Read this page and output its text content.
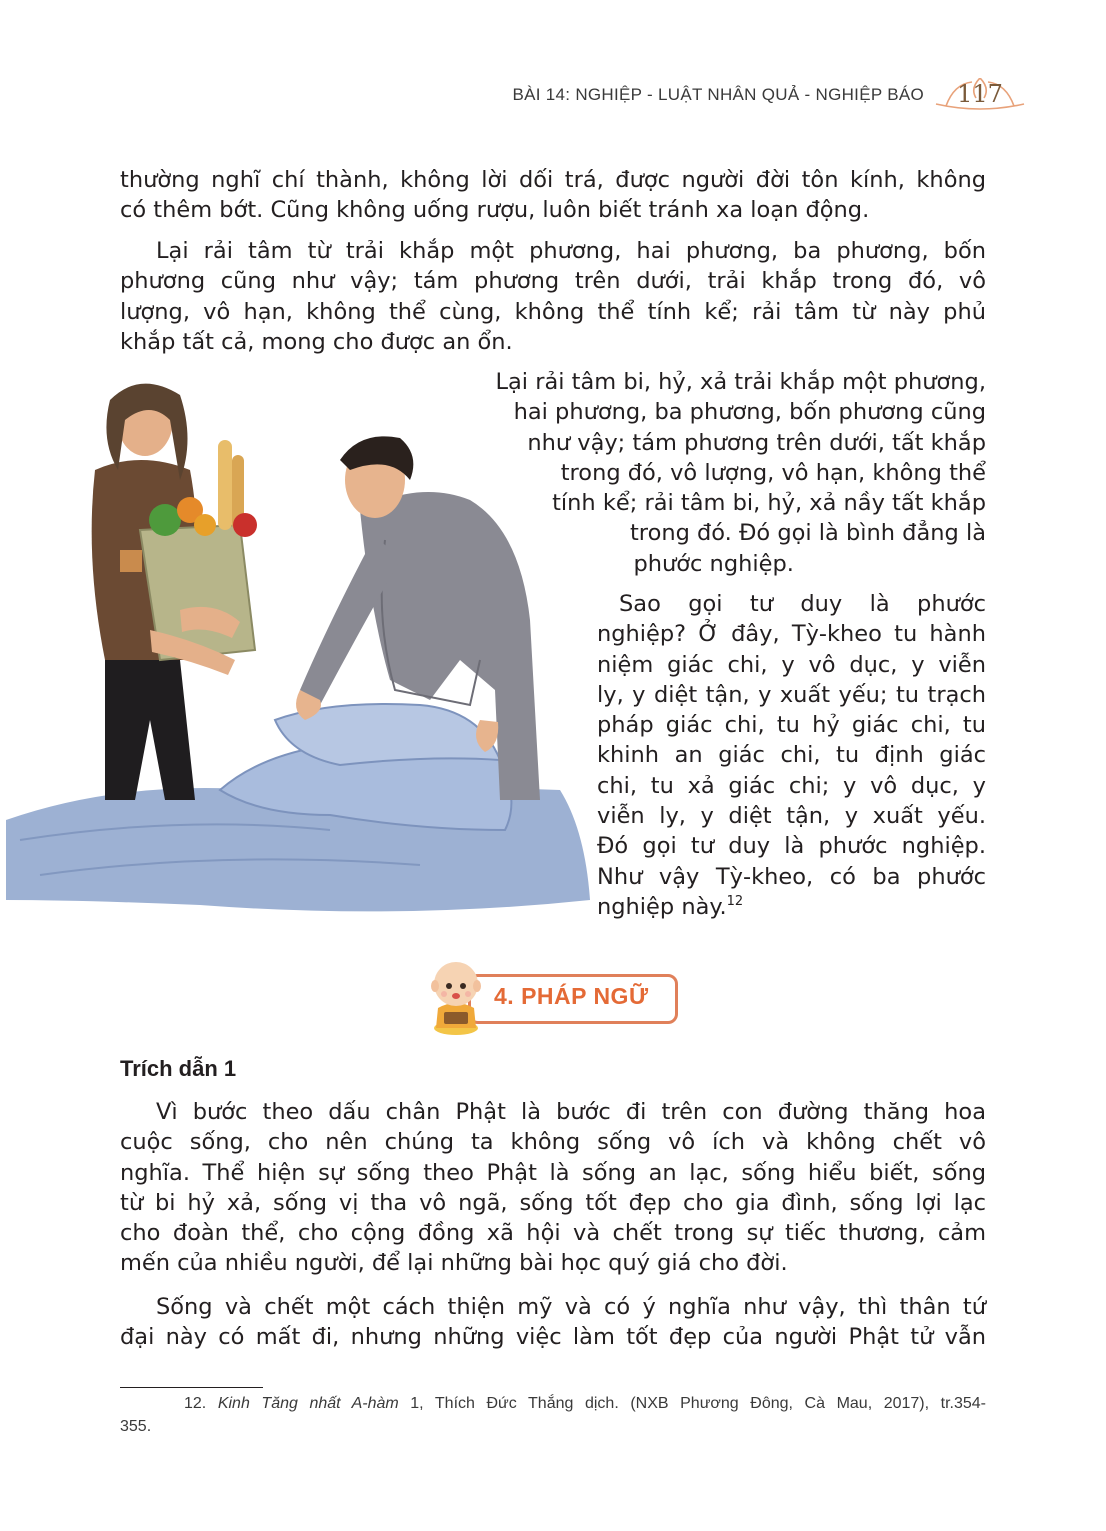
BÀI 14: NGHIỆP - LUẬT NHÂN QUẢ - NGHIỆP BÁO 117
thường nghĩ chí thành, không lời dối trá, được người đời tôn kính, không
có thêm bớt. Cũng không uống rượu, luôn biết tránh xa loạn động.
Lại rải tâm từ trải khắp một phương, hai phương, ba phương, bốn
phương cũng như vậy; tám phương trên dưới, trải khắp trong đó, vô
lượng, vô hạn, không thể cùng, không thể tính kể; rải tâm từ này phủ
khắp tất cả, mong cho được an ổn.
Lại rải tâm bi, hỷ, xả trải khắp một phương,
hai phương, ba phương, bốn phương cũng
như vậy; tám phương trên dưới, tất khắp
trong đó, vô lượng, vô hạn, không thể
tính kể; rải tâm bi, hỷ, xả nầy tất khắp
trong đó. Đó gọi là bình đẳng là
phước nghiệp.
Sao gọi tư duy là phước
nghiệp? Ở đây, Tỳ-kheo tu hành
niệm giác chi, y vô dục, y viễn
ly, y diệt tận, y xuất yếu; tu trạch
pháp giác chi, tu hỷ giác chi, tu
khinh an giác chi, tu định giác
chi, tu xả giác chi; y vô dục, y
viễn ly, y diệt tận, y xuất yếu.
Đó gọi tư duy là phước nghiệp.
Như vậy Tỳ-kheo, có ba phước
nghiệp này.$^{12}$
4. PHÁP NGỮ
Trích dẫn 1
Vì bước theo dấu chân Phật là bước đi trên con đường thăng hoa
cuộc sống, cho nên chúng ta không sống vô ích và không chết vô
nghĩa. Thể hiện sự sống theo Phật là sống an lạc, sống hiểu biết, sống
từ bi hỷ xả, sống vị tha vô ngã, sống tốt đẹp cho gia đình, sống lợi lạc
cho đoàn thể, cho cộng đồng xã hội và chết trong sự tiếc thương, cảm
mến của nhiều người, để lại những bài học quý giá cho đời.
Sống và chết một cách thiện mỹ và có ý nghĩa như vậy, thì thân tứ
đại này có mất đi, nhưng những việc làm tốt đẹp của người Phật tử vẫn
12. Kinh Tăng nhất A-hàm 1, Thích Đức Thắng dịch. (NXB Phương Đông, Cà Mau, 2017), tr.354-
355.
